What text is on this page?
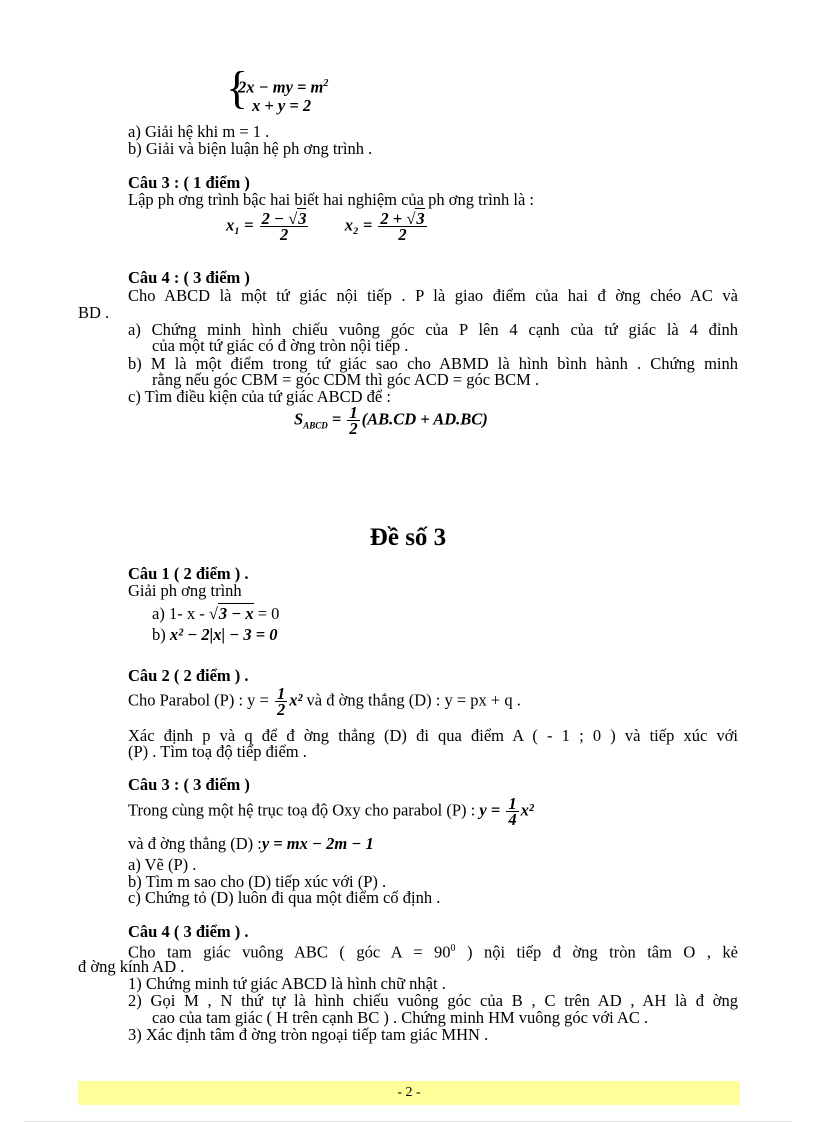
{
2x − my = $m^2$
x + y = 2
a) Giải hệ khi m = 1 .
b) Giải và biện luận hệ ph ơng trình .
Câu 3 : ( 1 điểm )
Lập ph ơng trình bậc hai biết hai nghiệm của ph ơng trình là :
$x_1 = \frac{2 - √3}{2} x_2 = \frac{2 + √3}{2}$
Câu 4 : ( 3 điểm )
Cho ABCD là một tứ giác nội tiếp . P là giao điểm của hai đ ờng chéo AC và
BD .
a) Chứng minh hình chiếu vuông góc của P lên 4 cạnh của tứ giác là 4 đỉnh
của một tứ giác có đ ờng tròn nội tiếp .
b) M là một điểm trong tứ giác sao cho ABMD là hình bình hành . Chứng minh
rằng nếu góc CBM = góc CDM thì góc ACD = góc BCM .
c) Tìm điều kiện của tứ giác ABCD để :
$S_{ABCD} = \frac{1}{2} (AB.CD + AD.BC)$
Đề số 3
Câu 1 ( 2 điểm ) .
Giải ph ơng trình
a) 1- x - √3 − x = 0
b) x² − 2|x| − 3 = 0
Câu 2 ( 2 điểm ) .
Cho Parabol (P) : $y = \frac{1}{2} x^2$ và đ ờng thẳng (D) : y = px + q .
Xác định p và q để đ ờng thẳng (D) đi qua điểm A ( - 1 ; 0 ) và tiếp xúc với
(P) . Tìm toạ độ tiếp điểm .
Câu 3 : ( 3 điểm )
Trong cùng một hệ trục toạ độ Oxy cho parabol (P) : $y = \frac{1}{4} x^2$
và đ ờng thẳng (D) :y = mx − 2m − 1
a) Vẽ (P) .
b) Tìm m sao cho (D) tiếp xúc với (P) .
c) Chứng tỏ (D) luôn đi qua một điểm cố định .
Câu 4 ( 3 điểm ) .
Cho tam giác vuông ABC ( góc $A = 90^0$ ) nội tiếp đ ờng tròn tâm O , kẻ
đ ờng kính AD .
1) Chứng minh tứ giác ABCD là hình chữ nhật .
2) Gọi M , N thứ tự là hình chiếu vuông góc của B , C trên AD , AH là đ ờng
cao của tam giác ( H trên cạnh BC ) . Chứng minh HM vuông góc với AC .
3) Xác định tâm đ ờng tròn ngoại tiếp tam giác MHN .
- 2 -
